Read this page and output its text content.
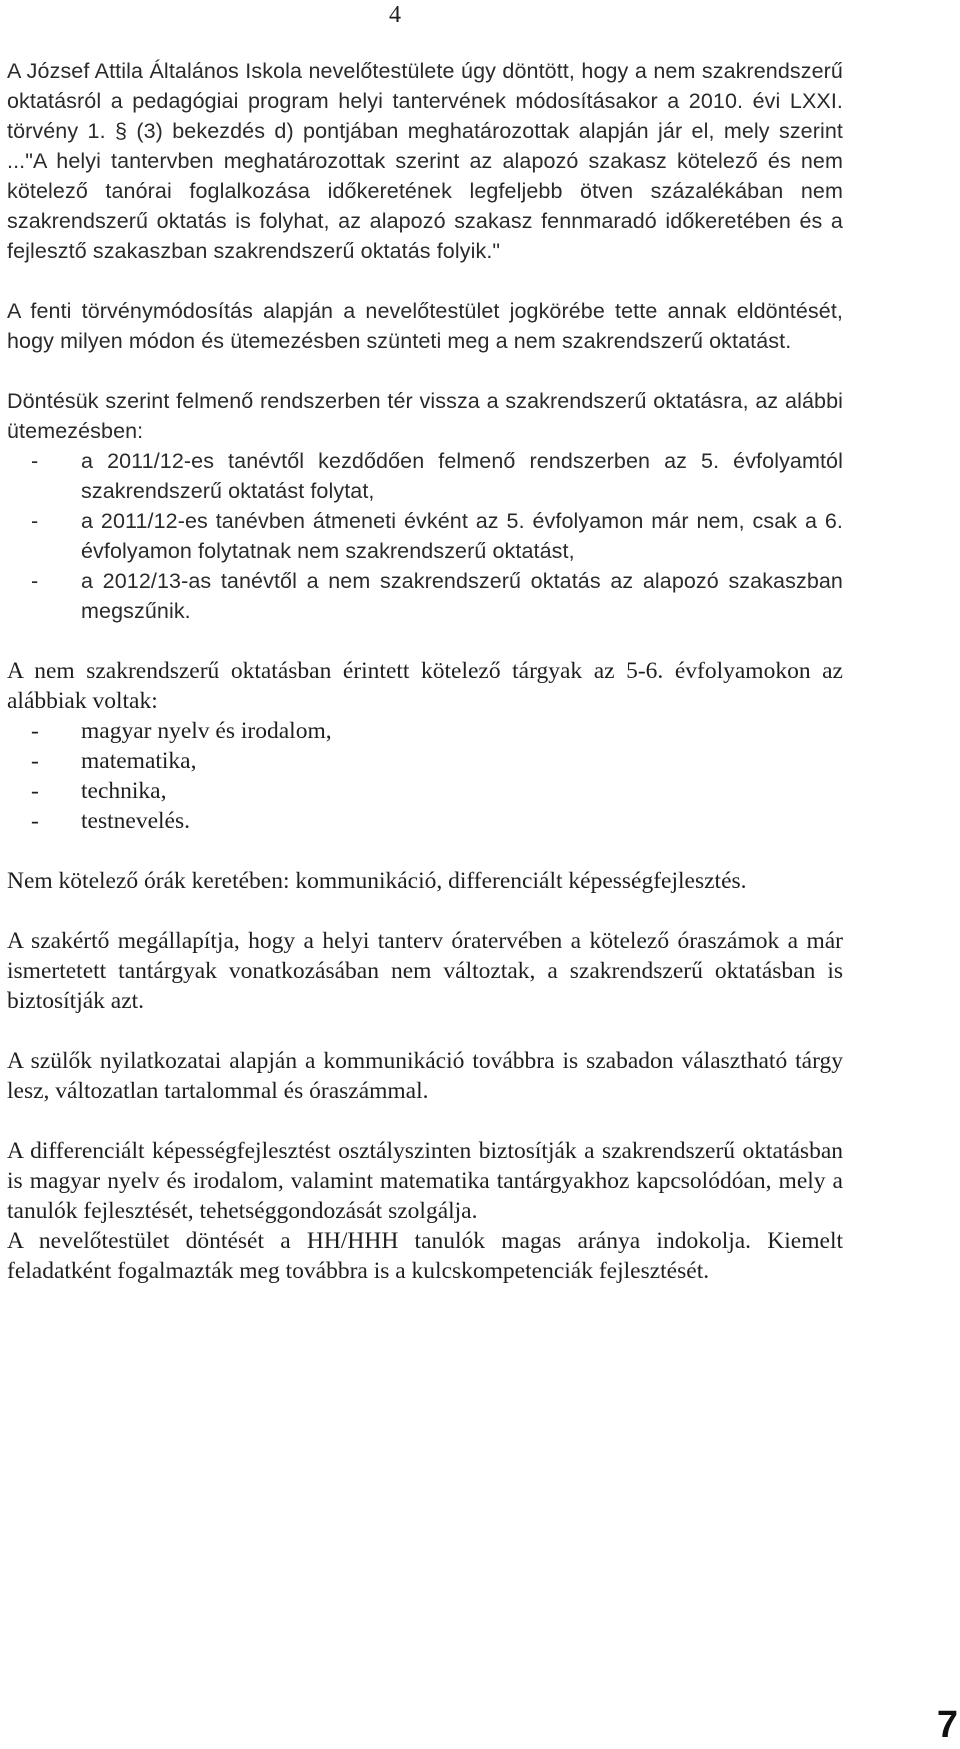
4

A József Attila Általános Iskola nevelőtestülete úgy döntött, hogy a nem szakrendszerű oktatásról a pedagógiai program helyi tantervének módosításakor a 2010. évi LXXI. törvény 1. § (3) bekezdés d) pontjában meghatározottak alapján jár el, mely szerint ..."A helyi tantervben meghatározottak szerint az alapozó szakasz kötelező és nem kötelező tanórai foglalkozása időkeretének legfeljebb ötven százalékában nem szakrendszerű oktatás is folyhat, az alapozó szakasz fennmaradó időkeretében és a fejlesztő szakaszban szakrendszerű oktatás folyik."

A fenti törvénymódosítás alapján a nevelőtestület jogkörébe tette annak eldöntését, hogy milyen módon és ütemezésben szünteti meg a nem szakrendszerű oktatást.

Döntésük szerint felmenő rendszerben tér vissza a szakrendszerű oktatásra, az alábbi ütemezésben:

- a 2011/12-es tanévtől kezdődően felmenő rendszerben az 5. évfolyamtól szakrendszerű oktatást folytat,
- a 2011/12-es tanévben átmeneti évként az 5. évfolyamon már nem, csak a 6. évfolyamon folytatnak nem szakrendszerű oktatást,
- a 2012/13-as tanévtől a nem szakrendszerű oktatás az alapozó szakaszban megszűnik.

A nem szakrendszerű oktatásban érintett kötelező tárgyak az 5-6. évfolyamokon az alábbiak voltak:

- magyar nyelv és irodalom,
- matematika,
- technika,
- testnevelés.

Nem kötelező órák keretében: kommunikáció, differenciált képességfejlesztés.

A szakértő megállapítja, hogy a helyi tanterv óratervében a kötelező óraszámok a már ismertetett tantárgyak vonatkozásában nem változtak, a szakrendszerű oktatásban is biztosítják azt.

A szülők nyilatkozatai alapján a kommunikáció továbbra is szabadon választható tárgy lesz, változatlan tartalommal és óraszámmal.

A differenciált képességfejlesztést osztályszinten biztosítják a szakrendszerű oktatásban is magyar nyelv és irodalom, valamint matematika tantárgyakhoz kapcsolódóan, mely a tanulók fejlesztését, tehetséggondozását szolgálja.

A nevelőtestület döntését a HH/HHH tanulók magas aránya indokolja. Kiemelt feladatként fogalmazták meg továbbra is a kulcskompetenciák fejlesztését.

7
